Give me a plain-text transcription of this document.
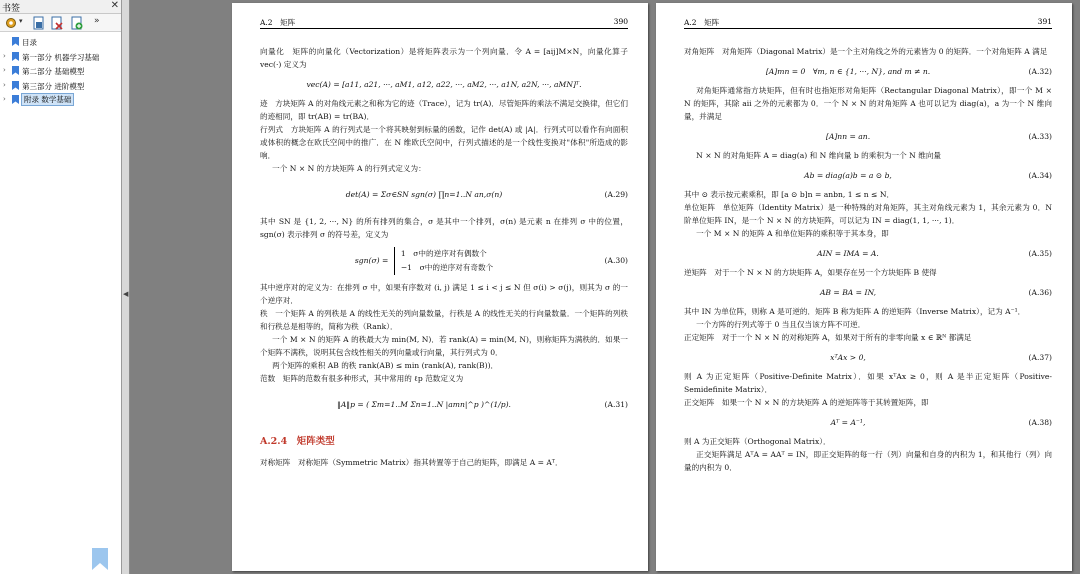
书签	✕
▾	»
目录
› 第一部分 机器学习基础
› 第二部分 基础模型
› 第三部分 进阶模型
›	附录 数学基础
◀
A.2　矩阵	390

向量化　矩阵的向量化（Vectorization）是将矩阵表示为一个列向量．令 A = [aij]M×N，向量化算子 vec(·) 定义为

vec(A) = [a11, a21, ···, aM1, a12, a22, ···, aM2, ···, a1N, a2N, ···, aMN]ᵀ.

迹　方块矩阵 A 的对角线元素之和称为它的迹（Trace），记为 tr(A)．尽管矩阵的乘法不满足交换律，但它们的迹相同，即 tr(AB) = tr(BA)．

行列式　方块矩阵 A 的行列式是一个将其映射到标量的函数，记作 det(A) 或 |A|．行列式可以看作有向面积或体积的概念在欧氏空间中的推广．在 N 维欧氏空间中，行列式描述的是一个线性变换对"体积"所造成的影响．

一个 N × N 的方块矩阵 A 的行列式定义为：

det(A) = Σσ∈SN sgn(σ) ∏n=1..N an,σ(n)	(A.29)

其中 SN 是 {1, 2, ···, N} 的所有排列的集合，σ 是其中一个排列，σ(n) 是元素 n 在排列 σ 中的位置，sgn(σ) 表示排列 σ 的符号差，定义为

sgn(σ) =
1　σ中的逆序对有偶数个
−1　σ中的逆序对有奇数个
(A.30)

其中逆序对的定义为：在排列 σ 中，如果有序数对 (i, j) 满足 1 ≤ i < j ≤ N 但 σ(i) > σ(j)，则其为 σ 的一个逆序对．

秩　一个矩阵 A 的列秩是 A 的线性无关的列向量数量，行秩是 A 的线性无关的行向量数量．一个矩阵的列秩和行秩总是相等的，简称为秩（Rank）．

一个 M × N 的矩阵 A 的秩最大为 min(M, N)．若 rank(A) = min(M, N)，则称矩阵为满秩的．如果一个矩阵不满秩，说明其包含线性相关的列向量或行向量，其行列式为 0．

两个矩阵的乘积 AB 的秩 rank(AB) ≤ min (rank(A), rank(B))．

范数　矩阵的范数有很多种形式，其中常用的 ℓp 范数定义为

‖A‖p = ( Σm=1..M Σn=1..N |amn|^p )^(1/p).	(A.31)
A.2.4　矩阵类型

对称矩阵　对称矩阵（Symmetric Matrix）指其转置等于自己的矩阵，即满足 A = Aᵀ．

A.2　矩阵	391

对角矩阵　对角矩阵（Diagonal Matrix）是一个主对角线之外的元素皆为 0 的矩阵．一个对角矩阵 A 满足

[A]mn = 0　∀m, n ∈ {1, ···, N}, and m ≠ n.	(A.32)

对角矩阵通常指方块矩阵，但有时也指矩形对角矩阵（Rectangular Diagonal Matrix），即一个 M × N 的矩阵，其除 aii 之外的元素都为 0．一个 N × N 的对角矩阵 A 也可以记为 diag(a)，a 为一个 N 维向量，并满足

[A]nn = an.	(A.33)

N × N 的对角矩阵 A = diag(a) 和 N 维向量 b 的乘积为一个 N 维向量

Ab = diag(a)b = a ⊙ b,	(A.34)

其中 ⊙ 表示按元素乘积，即 [a ⊙ b]n = anbn, 1 ≤ n ≤ N．

单位矩阵　单位矩阵（Identity Matrix）是一种特殊的对角矩阵，其主对角线元素为 1，其余元素为 0．N 阶单位矩阵 IN，是一个 N × N 的方块矩阵，可以记为 IN = diag(1, 1, ···, 1)．

一个 M × N 的矩阵 A 和单位矩阵的乘积等于其本身，即

AIN = IMA = A.	(A.35)

逆矩阵　对于一个 N × N 的方块矩阵 A，如果存在另一个方块矩阵 B 使得

AB = BA = IN,	(A.36)

其中 IN 为单位阵，则称 A 是可逆的．矩阵 B 称为矩阵 A 的逆矩阵（Inverse Matrix），记为 A⁻¹．

一个方阵的行列式等于 0 当且仅当该方阵不可逆．

正定矩阵　对于一个 N × N 的对称矩阵 A，如果对于所有的非零向量 x ∈ ℝᴺ 都满足

xᵀAx > 0,	(A.37)

则 A 为正定矩阵（Positive-Definite Matrix）．如果 xᵀAx ≥ 0，则 A 是半正定矩阵（Positive-Semidefinite Matrix）．

正交矩阵　如果一个 N × N 的方块矩阵 A 的逆矩阵等于其转置矩阵，即

Aᵀ = A⁻¹,	(A.38)

则 A 为正交矩阵（Orthogonal Matrix）．

正交矩阵满足 AᵀA = AAᵀ = IN，即正交矩阵的每一行（列）向量和自身的内积为 1，和其他行（列）向量的内积为 0．
